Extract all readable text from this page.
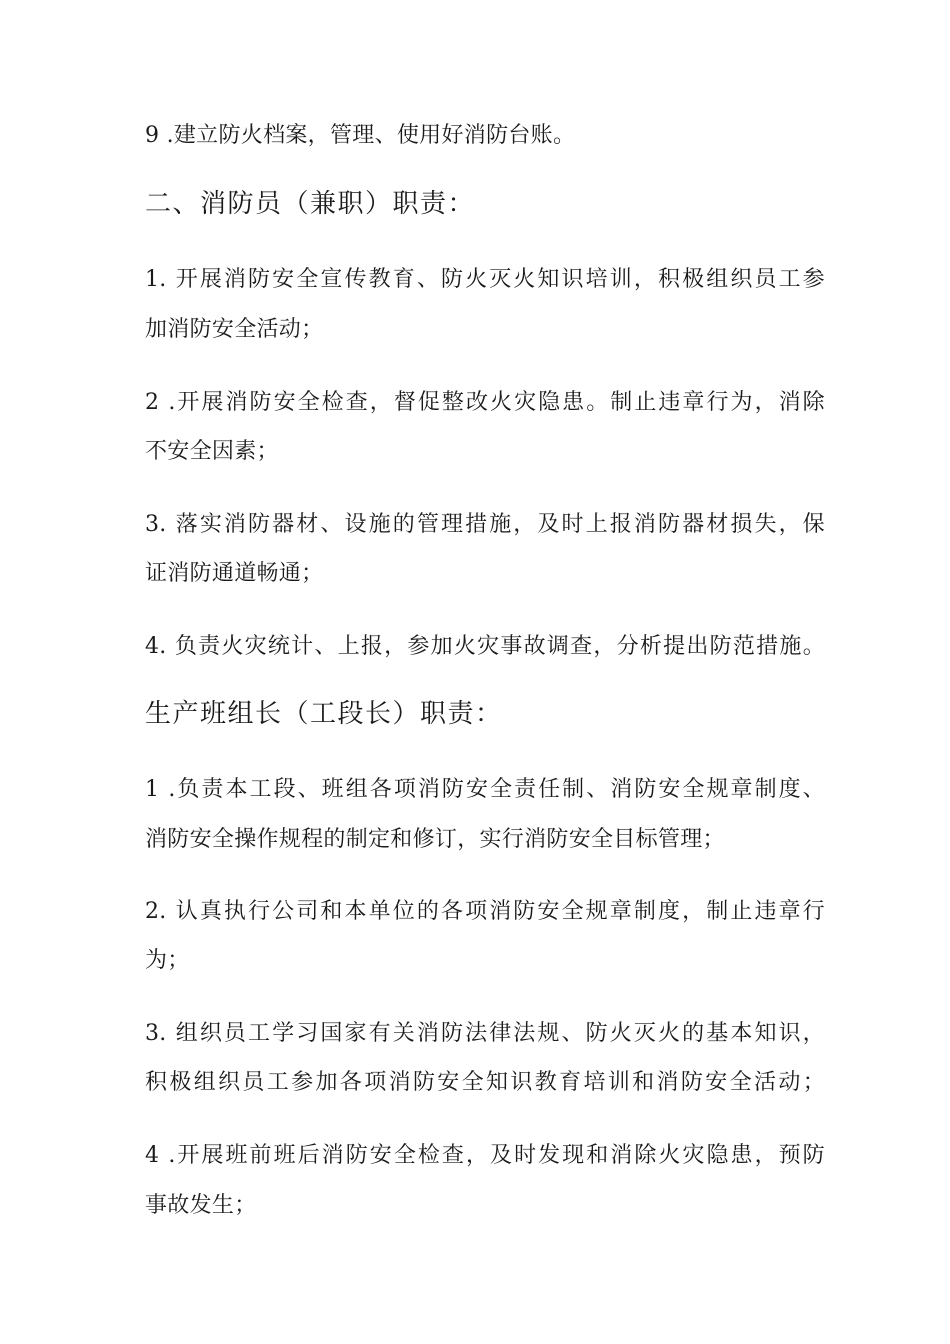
9 .建立防火档案，管理、使用好消防台账。
二、消防员（兼职）职责：
1. 开展消防安全宣传教育、防火灭火知识培训，积极组织员工参
加消防安全活动；
2 .开展消防安全检查，督促整改火灾隐患。制止违章行为，消除
不安全因素；
3. 落实消防器材、设施的管理措施，及时上报消防器材损失，保
证消防通道畅通；
4. 负责火灾统计、上报，参加火灾事故调查，分析提出防范措施。
生产班组长（工段长）职责：
1 .负责本工段、班组各项消防安全责任制、消防安全规章制度、
消防安全操作规程的制定和修订，实行消防安全目标管理；
2. 认真执行公司和本单位的各项消防安全规章制度，制止违章行
为；
3. 组织员工学习国家有关消防法律法规、防火灭火的基本知识，
积极组织员工参加各项消防安全知识教育培训和消防安全活动；
4 .开展班前班后消防安全检查，及时发现和消除火灾隐患，预防
事故发生；
